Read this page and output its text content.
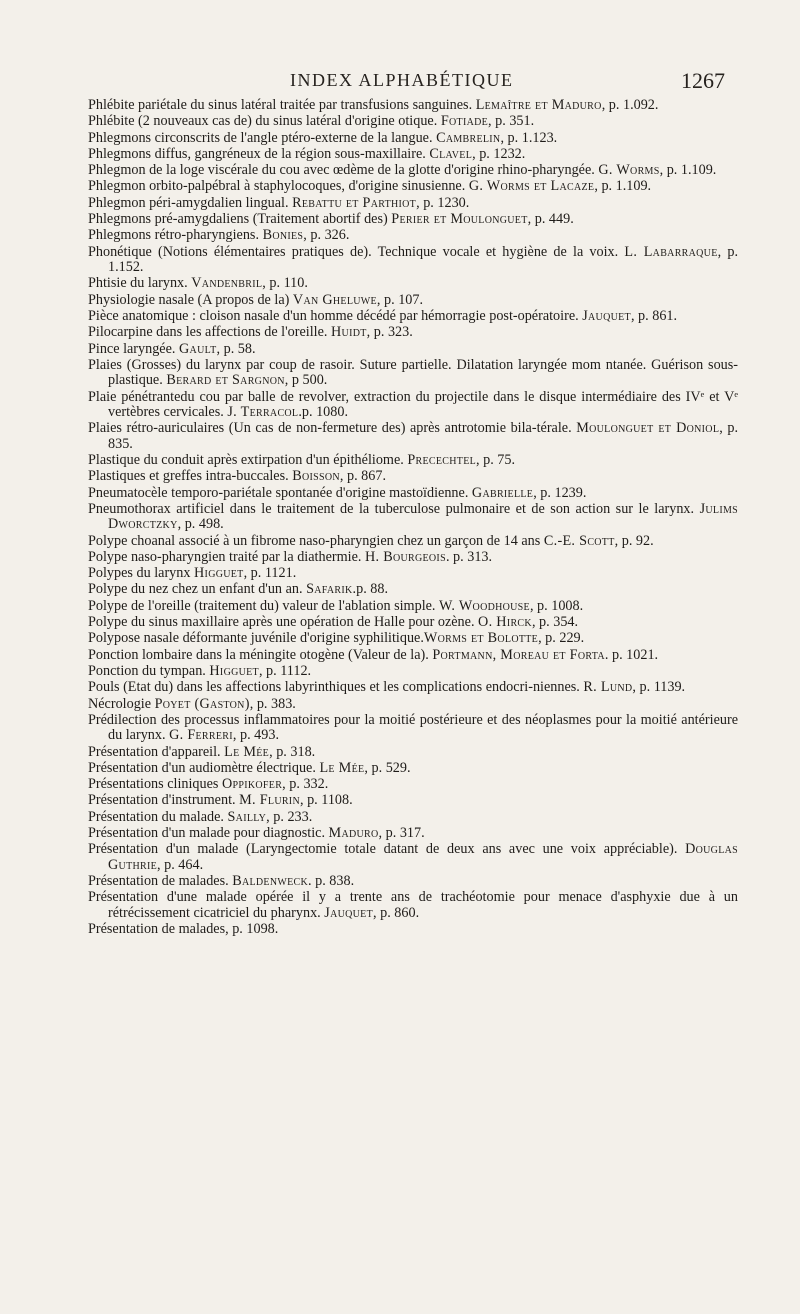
INDEX ALPHABÉTIQUE	1267
Phlébite pariétale du sinus latéral traitée par transfusions sanguines. Lemaître et Maduro, p. 1.092.
Phlébite (2 nouveaux cas de) du sinus latéral d'origine otique. Fotiade, p. 351.
Phlegmons circonscrits de l'angle ptéro-externe de la langue. Cambrelin, p. 1.123.
Phlegmons diffus, gangréneux de la région sous-maxillaire. Clavel, p. 1232.
Phlegmon de la loge viscérale du cou avec œdème de la glotte d'origine rhino-pharyngée. G. Worms, p. 1.109.
Phlegmon orbito-palpébral à staphylocoques, d'origine sinusienne. G. Worms et Lacaze, p. 1.109.
Phlegmon péri-amygdalien lingual. Rebattu et Parthiot, p. 1230.
Phlegmons pré-amygdaliens (Traitement abortif des) Perier et Moulonguet, p. 449.
Phlegmons rétro-pharyngiens. Bonies, p. 326.
Phonétique (Notions élémentaires pratiques de). Technique vocale et hygiène de la voix. L. Labarraque, p. 1.152.
Phtisie du larynx. Vandenbril, p. 110.
Physiologie nasale (A propos de la) Van Gheluwe, p. 107.
Pièce anatomique : cloison nasale d'un homme décédé par hémorragie post-opératoire. Jauquet, p. 861.
Pilocarpine dans les affections de l'oreille. Huidt, p. 323.
Pince laryngée. Gault, p. 58.
Plaies (Grosses) du larynx par coup de rasoir. Suture partielle. Dilatation laryngée mom ntanée. Guérison sous-plastique. Berard et Sargnon, p 500.
Plaie pénétrantedu cou par balle de revolver, extraction du projectile dans le disque intermédiaire des IVᵉ et Vᵉ vertèbres cervicales. J. Terracol.p. 1080.
Plaies rétro-auriculaires (Un cas de non-fermeture des) après antrotomie bila-térale. Moulonguet et Doniol, p. 835.
Plastique du conduit après extirpation d'un épithéliome. Precechtel, p. 75.
Plastiques et greffes intra-buccales. Boisson, p. 867.
Pneumatocèle temporo-pariétale spontanée d'origine mastoïdienne. Gabrielle, p. 1239.
Pneumothorax artificiel dans le traitement de la tuberculose pulmonaire et de son action sur le larynx. Julims Dworctzky, p. 498.
Polype choanal associé à un fibrome naso-pharyngien chez un garçon de 14 ans C.-E. Scott, p. 92.
Polype naso-pharyngien traité par la diathermie. H. Bourgeois. p. 313.
Polypes du larynx Higguet, p. 1121.
Polype du nez chez un enfant d'un an. Safarik.p. 88.
Polype de l'oreille (traitement du) valeur de l'ablation simple. W. Woodhouse, p. 1008.
Polype du sinus maxillaire après une opération de Halle pour ozène. O. Hirck, p. 354.
Polypose nasale déformante juvénile d'origine syphilitique.Worms et Bolotte, p. 229.
Ponction lombaire dans la méningite otogène (Valeur de la). Portmann, Moreau et Forta. p. 1021.
Ponction du tympan. Higguet, p. 1112.
Pouls (Etat du) dans les affections labyrinthiques et les complications endocri-niennes. R. Lund, p. 1139.
Nécrologie Poyet (Gaston), p. 383.
Prédilection des processus inflammatoires pour la moitié postérieure et des néoplasmes pour la moitié antérieure du larynx. G. Ferreri, p. 493.
Présentation d'appareil. Le Mée, p. 318.
Présentation d'un audiomètre électrique. Le Mée, p. 529.
Présentations cliniques Oppikofer, p. 332.
Présentation d'instrument. M. Flurin, p. 1108.
Présentation du malade. Sailly, p. 233.
Présentation d'un malade pour diagnostic. Maduro, p. 317.
Présentation d'un malade (Laryngectomie totale datant de deux ans avec une voix appréciable). Douglas Guthrie, p. 464.
Présentation de malades. Baldenweck. p. 838.
Présentation d'une malade opérée il y a trente ans de trachéotomie pour menace d'asphyxie due à un rétrécissement cicatriciel du pharynx. Jauquet, p. 860.
Présentation de malades, p. 1098.
